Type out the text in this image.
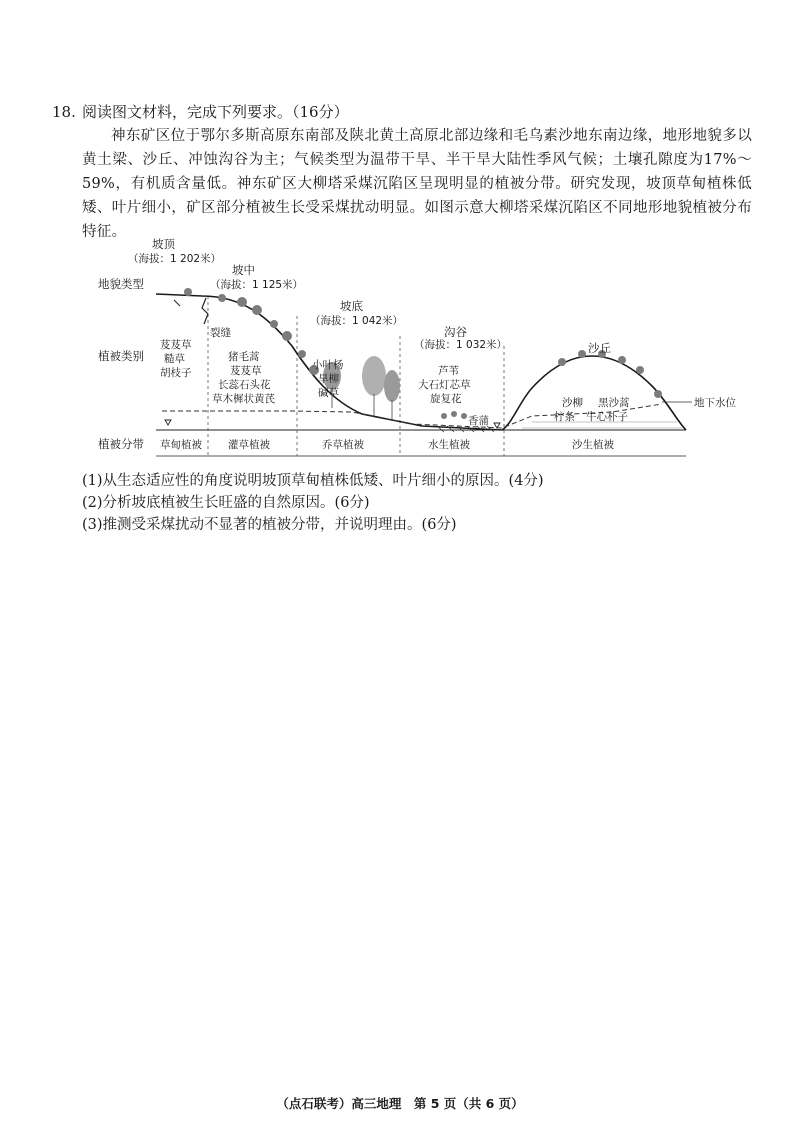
18. 阅读图文材料，完成下列要求。（16分）
神东矿区位于鄂尔多斯高原东南部及陕北黄土高原北部边缘和毛乌素沙地东南边缘，地形地貌多以黄土梁、沙丘、冲蚀沟谷为主；气候类型为温带干旱、半干旱大陆性季风气候；土壤孔隙度为17%～59%，有机质含量低。神东矿区大柳塔采煤沉陷区呈现明显的植被分带。研究发现，坡顶草甸植株低矮、叶片细小，矿区部分植被生长受采煤扰动明显。如图示意大柳塔采煤沉陷区不同地形地貌植被分布特征。
地貌类型
植被类别
植被分带
坡顶
（海拔：1 202米）
坡中
（海拔：1 125米）
坡底
（海拔：1 042米）
沟谷
（海拔：1 032米）	沙丘
裂缝
地下水位
芨芨草
糙草
胡枝子
猪毛蒿
芨芨草
长蕊石头花
草木樨状黄芪
小叶杨
旱柳
碱草
芦苇
大石灯芯草
旋复花
香蒲
沙柳 黑沙蒿
柠条 牛心朴子
草甸植被 灌草植被	乔草植被	水生植被	沙生植被
(1)从生态适应性的角度说明坡顶草甸植株低矮、叶片细小的原因。(4分)
(2)分析坡底植被生长旺盛的自然原因。(6分)
(3)推测受采煤扰动不显著的植被分带，并说明理由。(6分)
（点石联考）高三地理　第 5 页（共 6 页）
